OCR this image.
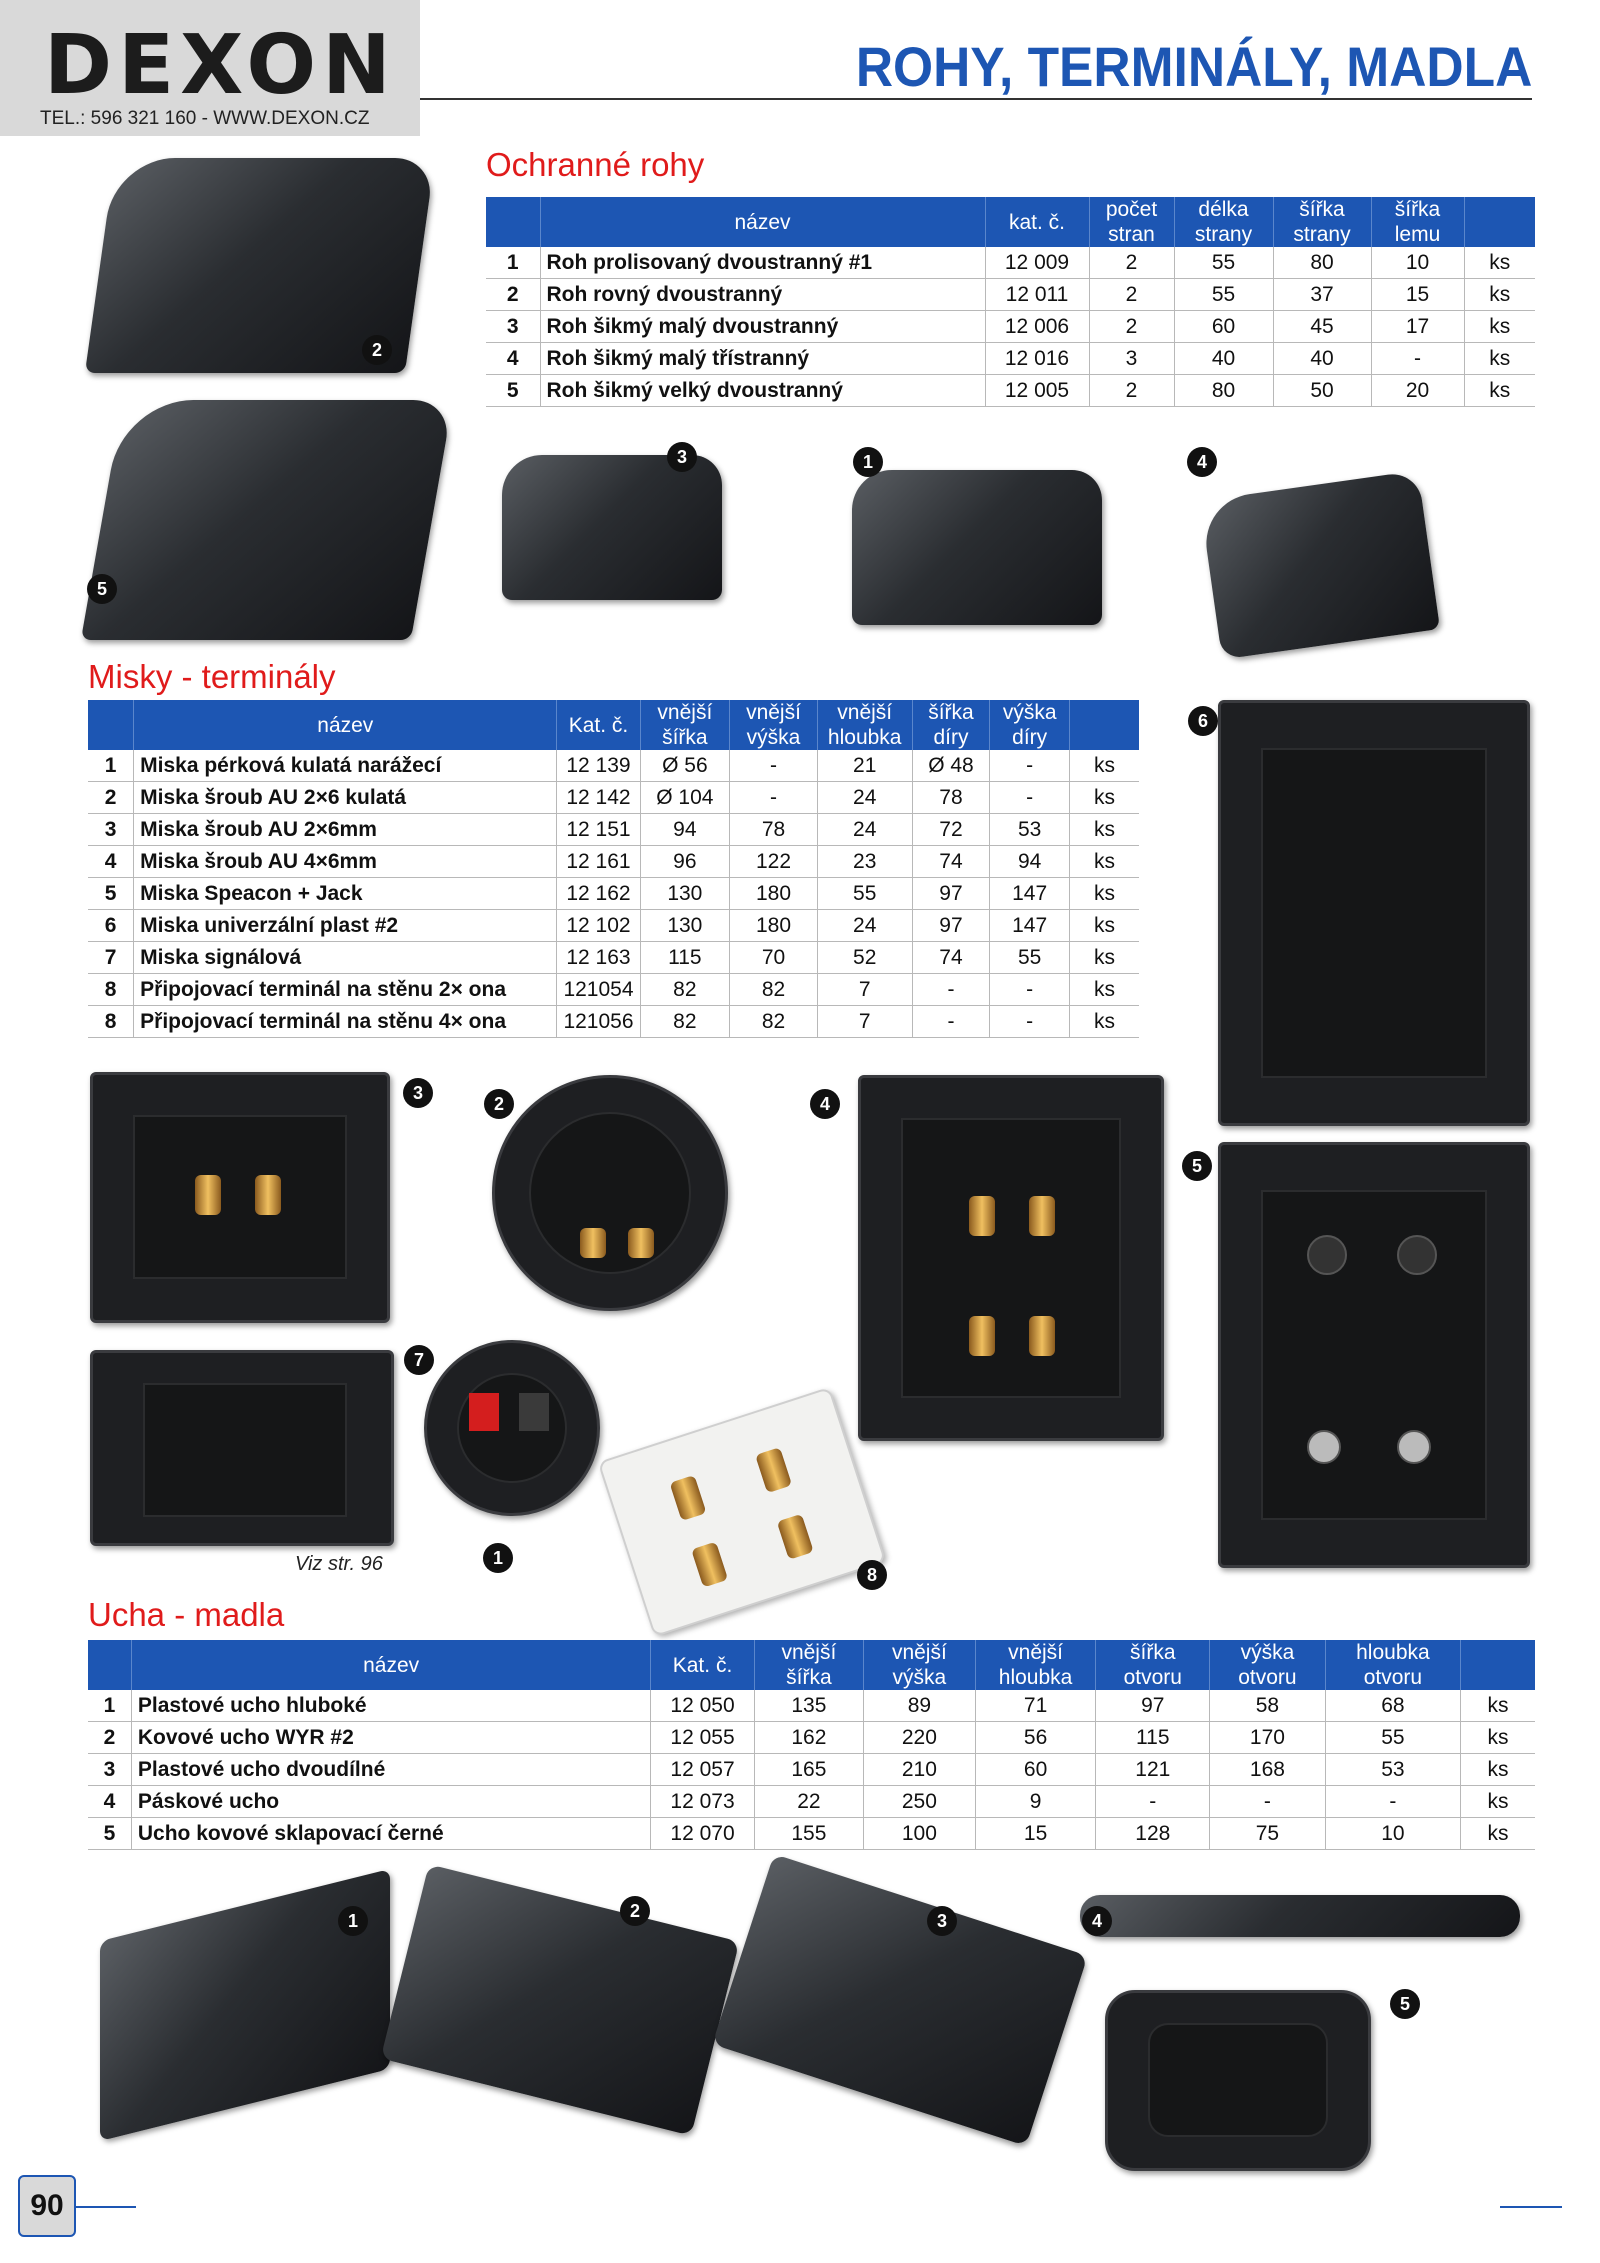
DEXON
TEL.: 596 321 160 - WWW.DEXON.CZ
ROHY, TERMINÁLY, MADLA
Ochranné rohy
	název	kat. č.	počet stran	délka strany	šířka strany	šířka lemu	
1	Roh prolisovaný dvoustranný #1	12 009	2	55	80	10	ks
2	Roh rovný dvoustranný	12 011	2	55	37	15	ks
3	Roh šikmý malý dvoustranný	12 006	2	60	45	17	ks
4	Roh šikmý malý třístranný	12 016	3	40	40	-	ks
5	Roh šikmý velký dvoustranný	12 005	2	80	50	20	ks
2
3	1	4
5
Misky - terminály
	název	Kat. č.	vnější šířka	vnější výška	vnější hloubka	šířka díry	výška díry	
1	Miska pérková kulatá narážecí	12 139	Ø 56	-	21	Ø 48	-	ks
2	Miska šroub AU 2×6 kulatá	12 142	Ø 104	-	24	78	-	ks
3	Miska šroub AU 2×6mm	12 151	94	78	24	72	53	ks
4	Miska šroub AU 4×6mm	12 161	96	122	23	74	94	ks
5	Miska Speacon + Jack	12 162	130	180	55	97	147	ks
6	Miska univerzální plast #2	12 102	130	180	24	97	147	ks
7	Miska signálová	12 163	115	70	52	74	55	ks
8	Připojovací terminál na stěnu 2× ona	121054	82	82	7	-	-	ks
8	Připojovací terminál na stěnu 4× ona	121056	82	82	7	-	-	ks
6
3
2	4
5
7
1
8
Viz str. 96
Ucha - madla
	název	Kat. č.	vnější šířka	vnější výška	vnější hloubka	šířka otvoru	výška otvoru	hloubka otvoru	
1	Plastové ucho hluboké	12 050	135	89	71	97	58	68	ks
2	Kovové ucho WYR #2	12 055	162	220	56	115	170	55	ks
3	Plastové ucho dvoudílné	12 057	165	210	60	121	168	53	ks
4	Páskové ucho	12 073	22	250	9	-	-	-	ks
5	Ucho kovové sklapovací černé	12 070	155	100	15	128	75	10	ks
1	2	3	4
5
90
